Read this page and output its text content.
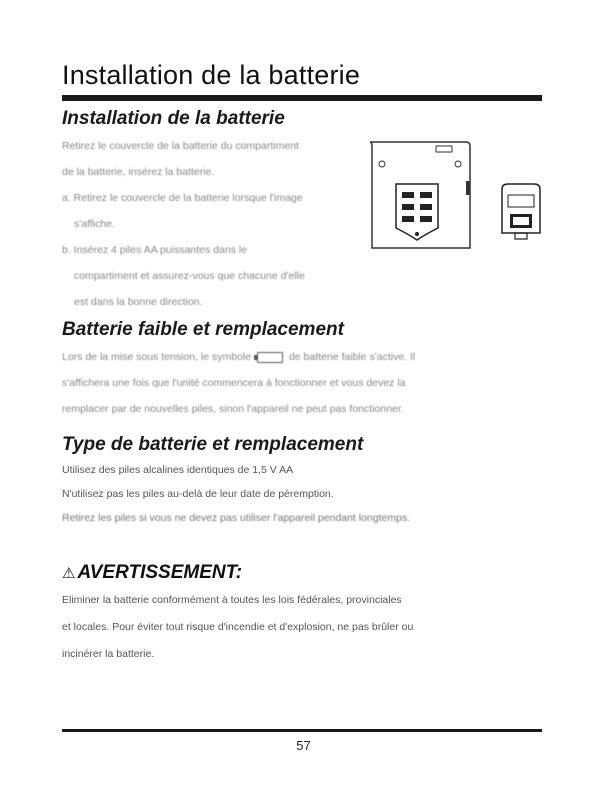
Installation de la batterie
Installation de la batterie
Retirez le couvercle de la batterie du compartiment
de la batterie, insérez la batterie.
a. Retirez le couvercle de la batterie lorsque l'image
s'affiche.
b. Insérez 4 piles AA puissantes dans le
compartiment et assurez-vous que chacune d'elle
est dans la bonne direction.
Batterie faible et remplacement
Lors de la mise sous tension, le symbole	de batterie faible s'active. Il
s'affichera une fois que l'unité commencera à fonctionner et vous devez la
remplacer par de nouvelles piles, sinon l'appareil ne peut pas fonctionner.
Type de batterie et remplacement
Utilisez des piles alcalines identiques de 1,5 V AA
N'utilisez pas les piles au-delà de leur date de péremption.
Retirez les piles si vous ne devez pas utiliser l'appareil pendant longtemps.
⚠ AVERTISSEMENT:
Eliminer la batterie conformément à toutes les lois fédérales, provinciales
et locales. Pour éviter tout risque d'incendie et d'explosion, ne pas brûler ou
incinérer la batterie.
57
